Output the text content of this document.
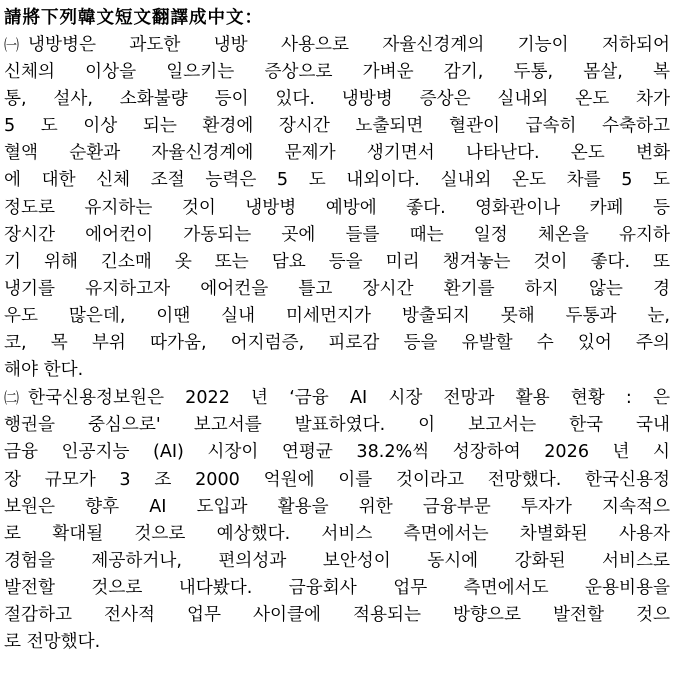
請將下列韓文短文翻譯成中文：

㈠ 냉방병은 과도한 냉방 사용으로 자율신경계의 기능이 저하되어
신체의 이상을 일으키는 증상으로 가벼운 감기, 두통, 몸살, 복
통, 설사, 소화불량 등이 있다. 냉방병 증상은 실내외 온도 차가
5 도 이상 되는 환경에 장시간 노출되면 혈관이 급속히 수축하고
혈액 순환과 자율신경계에 문제가 생기면서 나타난다. 온도 변화
에 대한 신체 조절 능력은 5 도 내외이다. 실내외 온도 차를 5 도
정도로 유지하는 것이 냉방병 예방에 좋다. 영화관이나 카페 등
장시간 에어컨이 가동되는 곳에 들를 때는 일정 체온을 유지하
기 위해 긴소매 옷 또는 담요 등을 미리 챙겨놓는 것이 좋다. 또
냉기를 유지하고자 에어컨을 틀고 장시간 환기를 하지 않는 경
우도 많은데, 이땐 실내 미세먼지가 방출되지 못해 두통과 눈,
코, 목 부위 따가움, 어지럼증, 피로감 등을 유발할 수 있어 주의
해야 한다.
㈡ 한국신용정보원은 2022 년 ‘금융 AI 시장 전망과 활용 현황 : 은
행권을 중심으로' 보고서를 발표하였다. 이 보고서는 한국 국내
금융 인공지능 (AI) 시장이 연평균 38.2%씩 성장하여 2026 년 시
장 규모가 3 조 2000 억원에 이를 것이라고 전망했다. 한국신용정
보원은 향후 AI 도입과 활용을 위한 금융부문 투자가 지속적으
로 확대될 것으로 예상했다. 서비스 측면에서는 차별화된 사용자
경험을 제공하거나, 편의성과 보안성이 동시에 강화된 서비스로
발전할 것으로 내다봤다. 금융회사 업무 측면에서도 운용비용을
절감하고 전사적 업무 사이클에 적용되는 방향으로 발전할 것으
로 전망했다.
